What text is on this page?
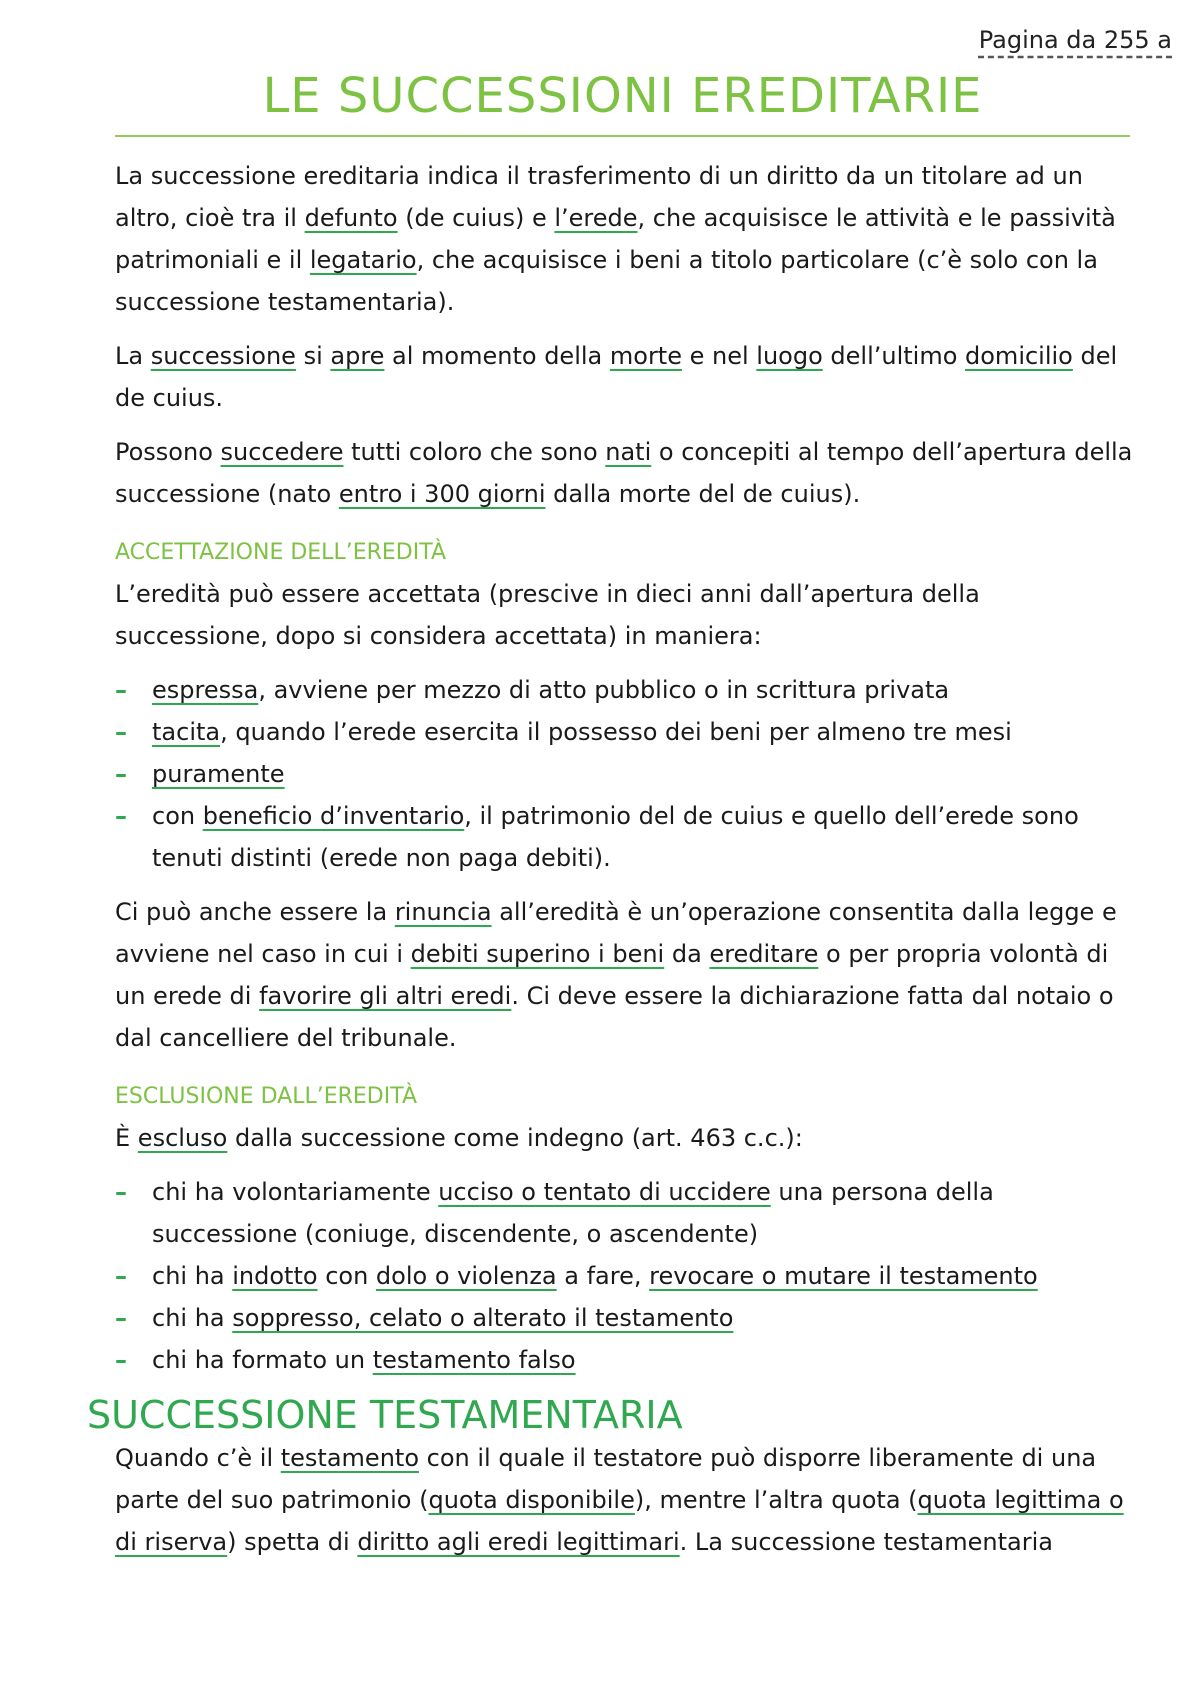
Pagina da 255 a
LE SUCCESSIONI EREDITARIE

La successione ereditaria indica il trasferimento di un diritto da un titolare ad un altro, cioè tra il defunto (de cuius) e l’erede, che acquisisce le attività e le passività patrimoniali e il legatario, che acquisisce i beni a titolo particolare (c’è solo con la successione testamentaria).

La successione si apre al momento della morte e nel luogo dell’ultimo domicilio del de cuius.

Possono succedere tutti coloro che sono nati o concepiti al tempo dell’apertura della successione (nato entro i 300 giorni dalla morte del de cuius).

ACCETTAZIONE DELL’EREDITÀ

L’eredità può essere accettata (prescive in dieci anni dall’apertura della successione, dopo si considera accettata) in maniera:

– espressa, avviene per mezzo di atto pubblico o in scrittura privata
– tacita, quando l’erede esercita il possesso dei beni per almeno tre mesi
– puramente
– con beneficio d’inventario, il patrimonio del de cuius e quello dell’erede sono tenuti distinti (erede non paga debiti).

Ci può anche essere la rinuncia all’eredità è un’operazione consentita dalla legge e avviene nel caso in cui i debiti superino i beni da ereditare o per propria volontà di un erede di favorire gli altri eredi. Ci deve essere la dichiarazione fatta dal notaio o dal cancelliere del tribunale.

ESCLUSIONE DALL’EREDITÀ

È escluso dalla successione come indegno (art. 463 c.c.):

– chi ha volontariamente ucciso o tentato di uccidere una persona della successione (coniuge, discendente, o ascendente)
– chi ha indotto con dolo o violenza a fare, revocare o mutare il testamento
– chi ha soppresso, celato o alterato il testamento
– chi ha formato un testamento falso
SUCCESSIONE TESTAMENTARIA

Quando c’è il testamento con il quale il testatore può disporre liberamente di una parte del suo patrimonio (quota disponibile), mentre l’altra quota (quota legittima o di riserva) spetta di diritto agli eredi legittimari. La successione testamentaria
